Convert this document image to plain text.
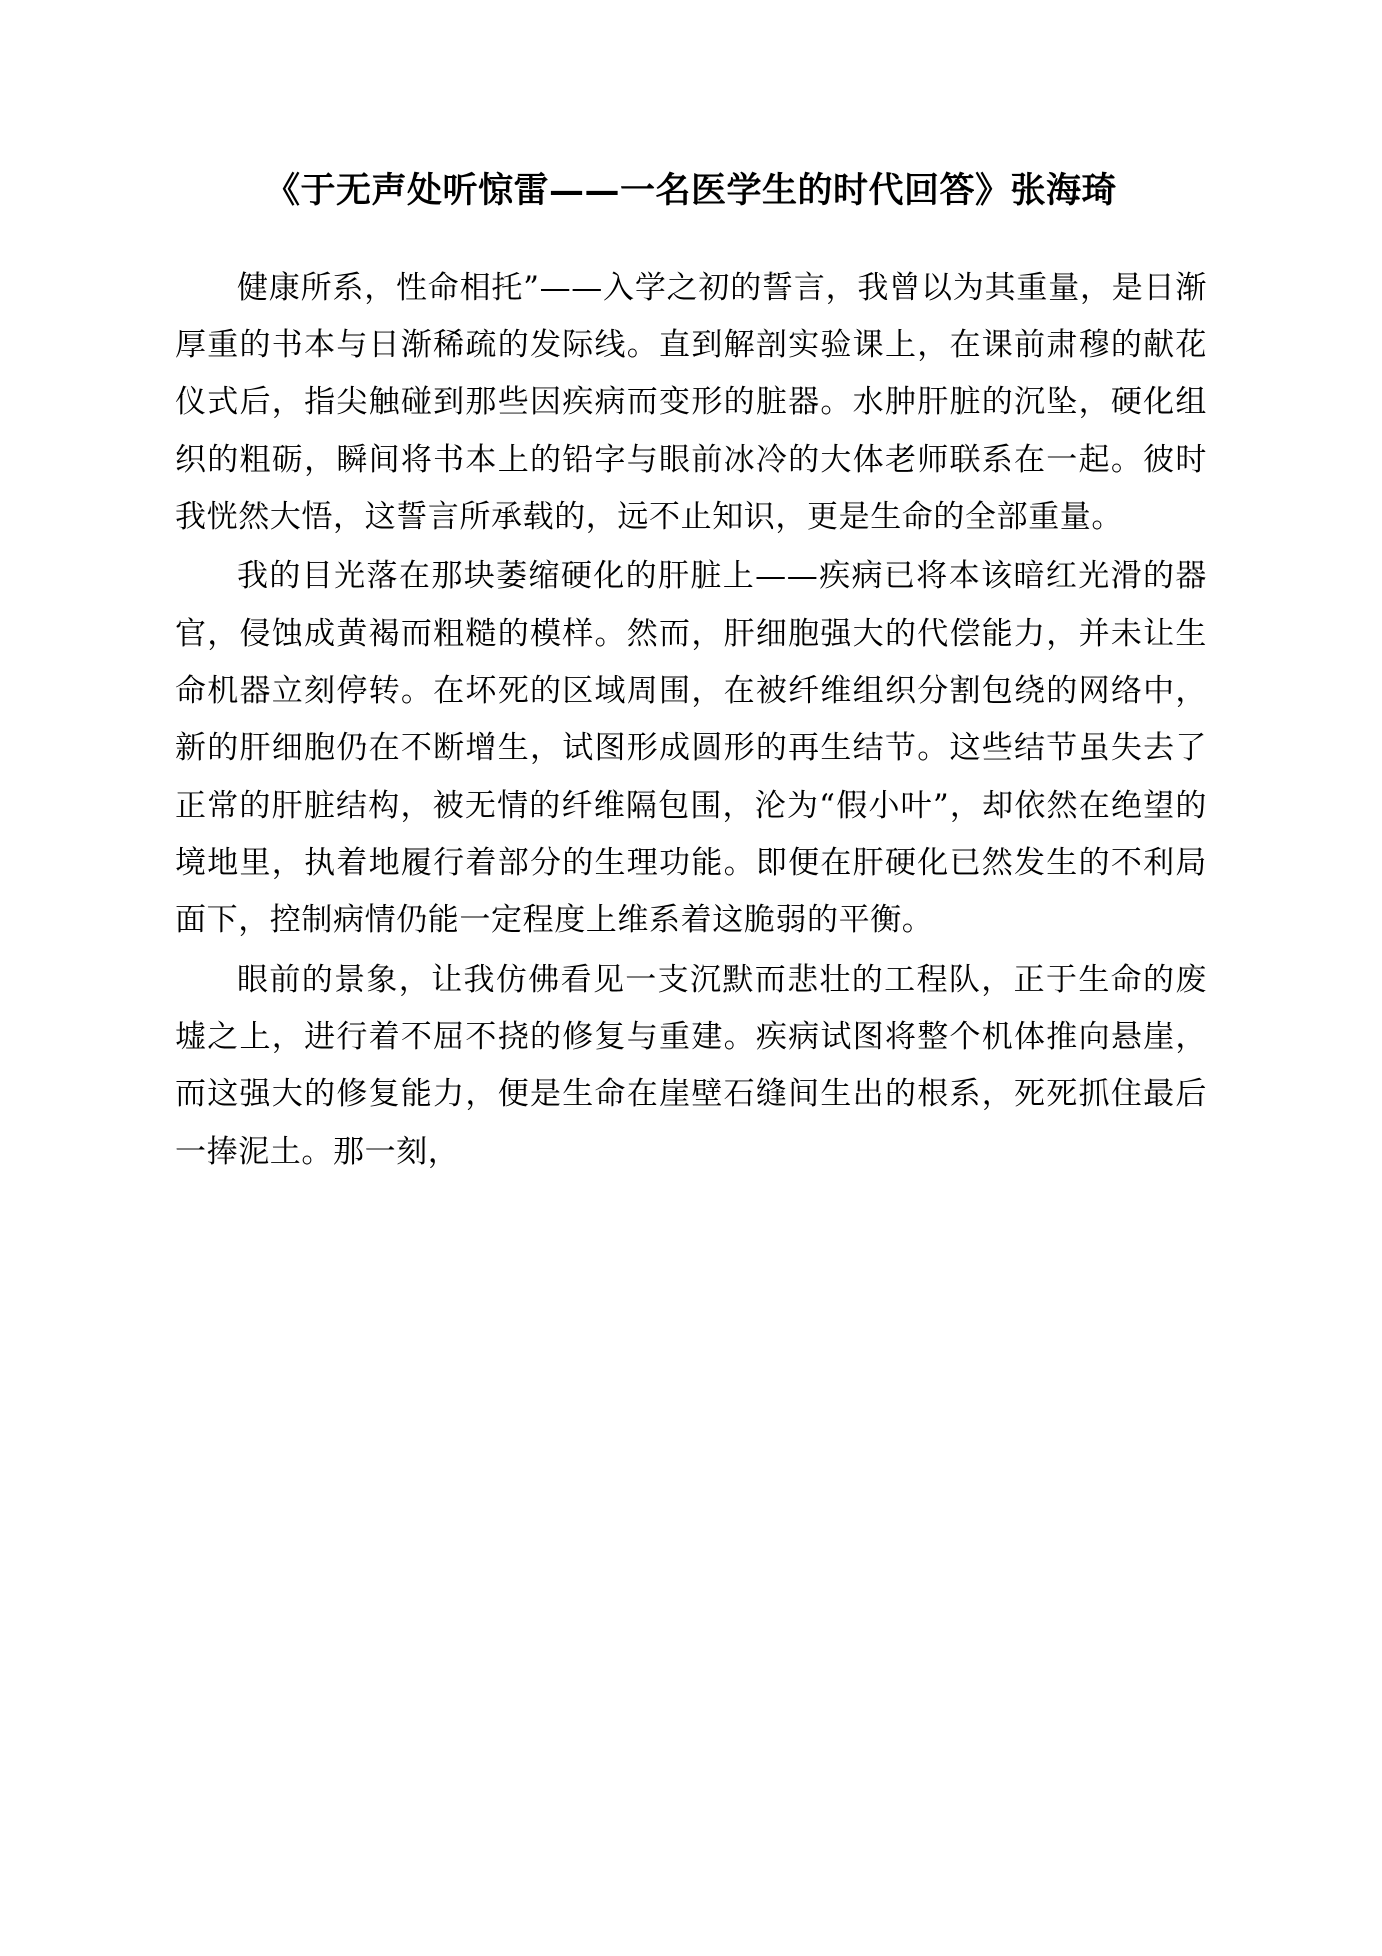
《于无声处听惊雷——一名医学生的时代回答》张海琦

健康所系，性命相托”——入学之初的誓言，我曾以为其重量，是日渐厚重的书本与日渐稀疏的发际线。直到解剖实验课上，在课前肃穆的献花仪式后，指尖触碰到那些因疾病而变形的脏器。水肿肝脏的沉坠，硬化组织的粗砺，瞬间将书本上的铅字与眼前冰冷的大体老师联系在一起。彼时我恍然大悟，这誓言所承载的，远不止知识，更是生命的全部重量。

我的目光落在那块萎缩硬化的肝脏上——疾病已将本该暗红光滑的器官，侵蚀成黄褐而粗糙的模样。然而，肝细胞强大的代偿能力，并未让生命机器立刻停转。在坏死的区域周围，在被纤维组织分割包绕的网络中，新的肝细胞仍在不断增生，试图形成圆形的再生结节。这些结节虽失去了正常的肝脏结构，被无情的纤维隔包围，沦为“假小叶”，却依然在绝望的境地里，执着地履行着部分的生理功能。即便在肝硬化已然发生的不利局面下，控制病情仍能一定程度上维系着这脆弱的平衡。

眼前的景象，让我仿佛看见一支沉默而悲壮的工程队，正于生命的废墟之上，进行着不屈不挠的修复与重建。疾病试图将整个机体推向悬崖，而这强大的修复能力，便是生命在崖壁石缝间生出的根系，死死抓住最后一捧泥土。那一刻，
